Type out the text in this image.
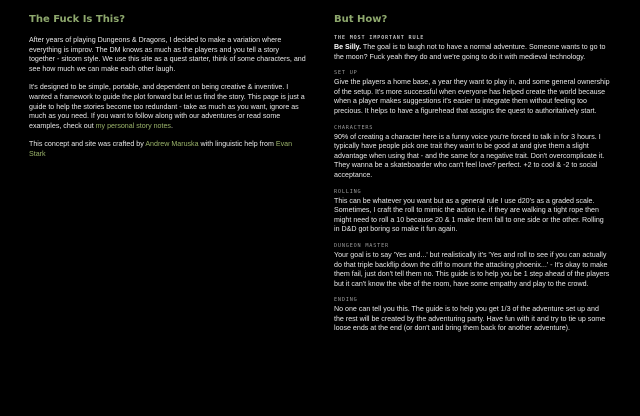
The Fuck Is This?

After years of playing Dungeons & Dragons, I decided to make a variation where everything is improv. The DM knows as much as the players and you tell a story together - sitcom style. We use this site as a quest starter, think of some characters, and see how much we can make each other laugh.

It's designed to be simple, portable, and dependent on being creative & inventive. I wanted a framework to guide the plot forward but let us find the story. This page is just a guide to help the stories become too redundant - take as much as you want, ignore as much as you need. If you want to follow along with our adventures or read some examples, check out my personal story notes.

This concept and site was crafted by Andrew Maruska with linguistic help from Evan Stark

But How?
THE MOST IMPORTANT RULE

Be Silly. The goal is to laugh not to have a normal adventure. Someone wants to go to the moon? Fuck yeah they do and we're going to do it with medieval technology.

SET UP

Give the players a home base, a year they want to play in, and some general ownership of the setup. It's more successful when everyone has helped create the world because when a player makes suggestions it's easier to integrate them without feeling too precious. It helps to have a figurehead that assigns the quest to authoritatively start.

CHARACTERS

90% of creating a character here is a funny voice you're forced to talk in for 3 hours. I typically have people pick one trait they want to be good at and give them a slight advantage when using that - and the same for a negative trait. Don't overcomplicate it. They wanna be a skateboarder who can't feel love? perfect. +2 to cool & -2 to social acceptance.

ROLLING

This can be whatever you want but as a general rule I use d20's as a graded scale. Sometimes, I craft the roll to mimic the action i.e. if they are walking a tight rope then might need to roll a 10 because 20 & 1 make them fall to one side or the other. Rolling in D&D got boring so make it fun again.

DUNGEON MASTER

Your goal is to say 'Yes and...' but realistically it's 'Yes and roll to see if you can actually do that triple backflip down the cliff to mount the attacking phoenix...' - It's okay to make them fail, just don't tell them no. This guide is to help you be 1 step ahead of the players but it can't know the vibe of the room, have some empathy and play to the crowd.

ENDING

No one can tell you this. The guide is to help you get 1/3 of the adventure set up and the rest will be created by the adventuring party. Have fun with it and try to tie up some loose ends at the end (or don't and bring them back for another adventure).
